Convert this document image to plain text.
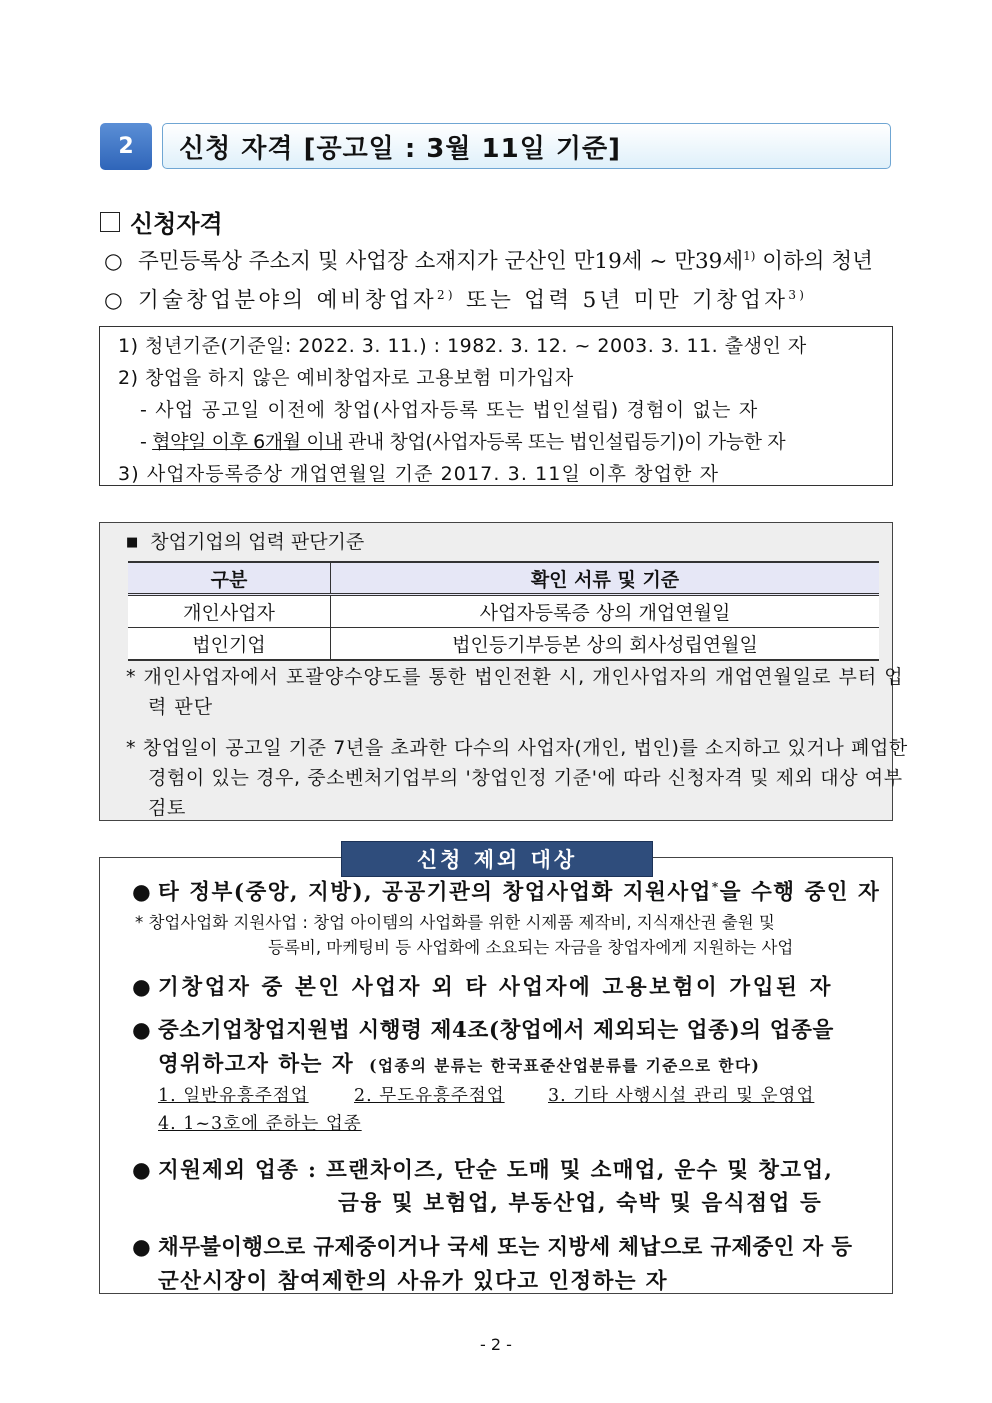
2	신청 자격 [공고일 : 3월 11일 기준]
신청자격
○ 주민등록상 주소지 및 사업장 소재지가 군산인 만19세 ~ 만39세$^{1)}$ 이하의 청년
○ 기술창업분야의 예비창업자$^{2)}$ 또는 업력 5년 미만 기창업자$^{3)}$
1) 청년기준(기준일: 2022. 3. 11.) : 1982. 3. 12. ~ 2003. 3. 11. 출생인 자
2) 창업을 하지 않은 예비창업자로 고용보험 미가입자
- 사업 공고일 이전에 창업(사업자등록 또는 법인설립) 경험이 없는 자
- 협약일 이후 6개월 이내 관내 창업(사업자등록 또는 법인설립등기)이 가능한 자
3) 사업자등록증상 개업연월일 기준 2017. 3. 11일 이후 창업한 자
■ 창업기업의 업력 판단기준
구분	확인 서류 및 기준
개인사업자	사업자등록증 상의 개업연월일
법인기업	법인등기부등본 상의 회사성립연월일
* 개인사업자에서 포괄양수양도를 통한 법인전환 시, 개인사업자의 개업연월일로 부터 업력 판단
* 창업일이 공고일 기준 7년을 초과한 다수의 사업자(개인, 법인)를 소지하고 있거나 폐업한 경험이 있는 경우, 중소벤처기업부의 '창업인정 기준'에 따라 신청자격 및 제외 대상 여부 검토
신청 제외 대상
● 타 정부(중앙, 지방), 공공기관의 창업사업화 지원사업*을 수행 중인 자
* 창업사업화 지원사업 : 창업 아이템의 사업화를 위한 시제품 제작비, 지식재산권 출원 및
등록비, 마케팅비 등 사업화에 소요되는 자금을 창업자에게 지원하는 사업
● 기창업자 중 본인 사업자 외 타 사업자에 고용보험이 가입된 자
● 중소기업창업지원법 시행령 제4조(창업에서 제외되는 업종)의 업종을
영위하고자 하는 자 (업종의 분류는 한국표준산업분류를 기준으로 한다)
1. 일반유흥주점업	2. 무도유흥주점업 3. 기타 사행시설 관리 및 운영업
4. 1~3호에 준하는 업종
● 지원제외 업종 : 프랜차이즈, 단순 도매 및 소매업, 운수 및 창고업,
금융 및 보험업, 부동산업, 숙박 및 음식점업 등
● 채무불이행으로 규제중이거나 국세 또는 지방세 체납으로 규제중인 자 등
군산시장이 참여제한의 사유가 있다고 인정하는 자
- 2 -
